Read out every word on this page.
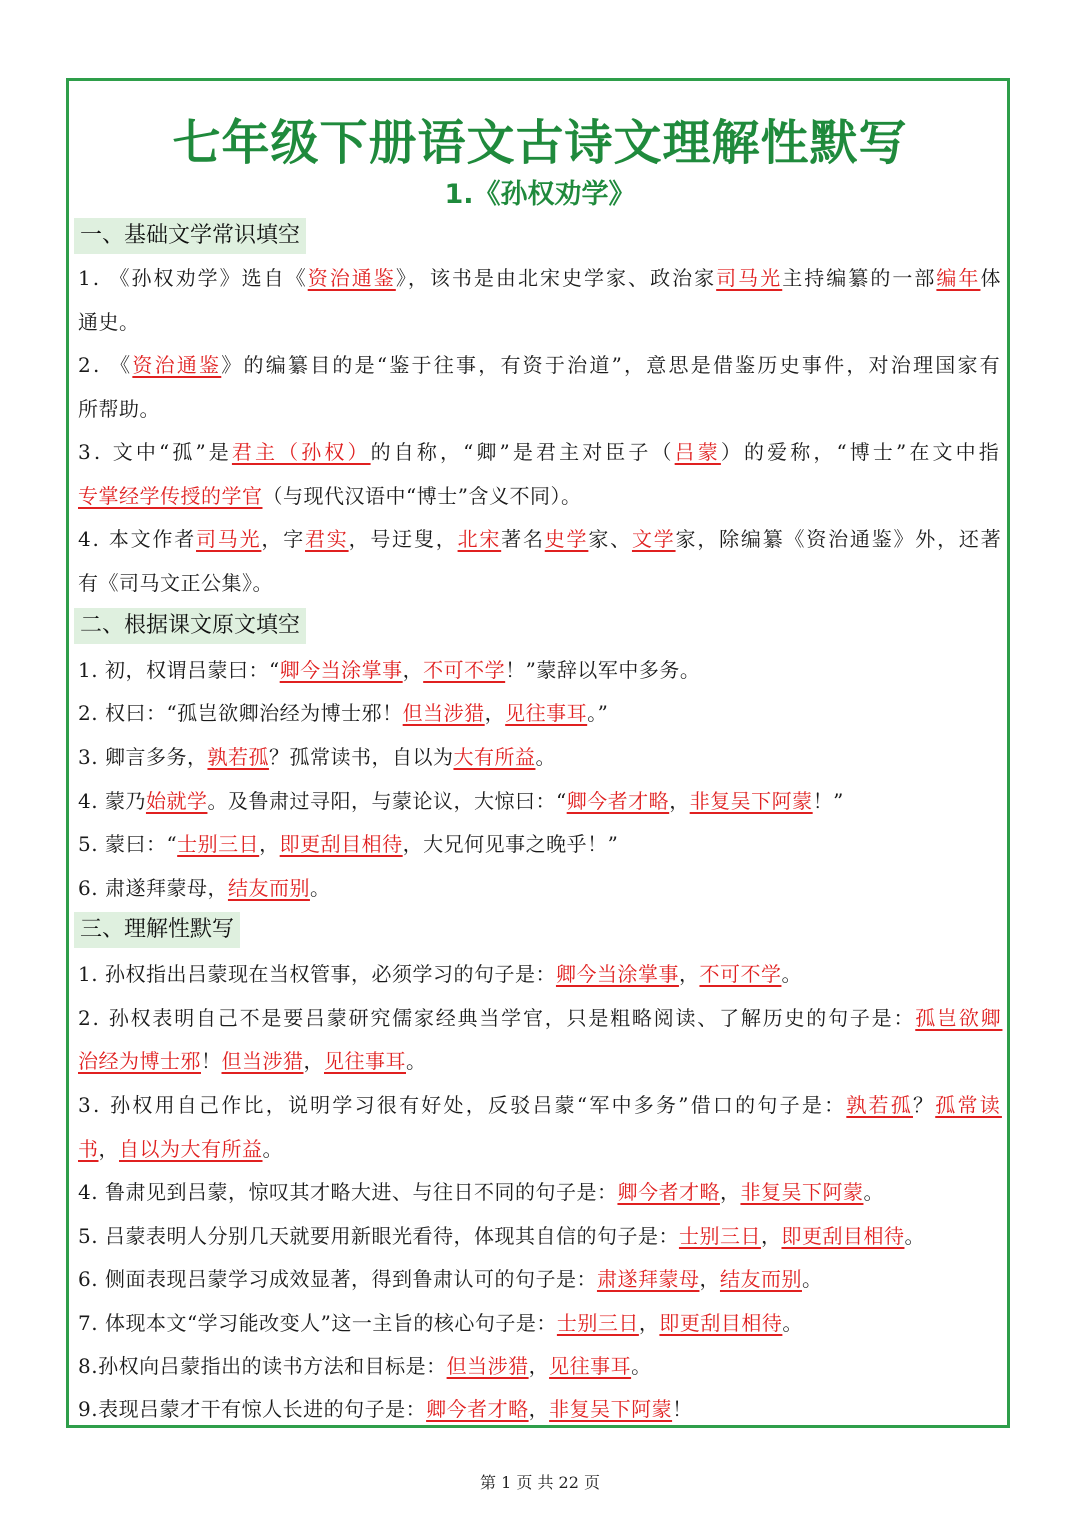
七年级下册语文古诗文理解性默写
1.《孙权劝学》
一、基础文学常识填空
二、根据课文原文填空
三、理解性默写
1. 《孙权劝学》选自《资治通鉴》，该书是由北宋史学家、政治家司马光主持编纂的一部编年体
通史。
2. 《资治通鉴》的编纂目的是“鉴于往事，有资于治道”，意思是借鉴历史事件，对治理国家有
所帮助。
3. 文中“孤”是君主（孙权）的自称，“卿”是君主对臣子（吕蒙）的爱称，“博士”在文中指
专掌经学传授的学官（与现代汉语中“博士”含义不同）。
4. 本文作者司马光，字君实，号迂叟，北宋著名史学家、文学家，除编纂《资治通鉴》外，还著
有《司马文正公集》。
1. 初，权谓吕蒙曰：“卿今当涂掌事，不可不学！”蒙辞以军中多务。
2. 权曰：“孤岂欲卿治经为博士邪！但当涉猎，见往事耳。”
3. 卿言多务，孰若孤？孤常读书，自以为大有所益。
4. 蒙乃始就学。及鲁肃过寻阳，与蒙论议，大惊曰：“卿今者才略，非复吴下阿蒙！”
5. 蒙曰：“士别三日，即更刮目相待，大兄何见事之晚乎！”
6. 肃遂拜蒙母，结友而别。
1. 孙权指出吕蒙现在当权管事，必须学习的句子是：卿今当涂掌事，不可不学。
2. 孙权表明自己不是要吕蒙研究儒家经典当学官，只是粗略阅读、了解历史的句子是：孤岂欲卿
治经为博士邪！但当涉猎，见往事耳。
3. 孙权用自己作比，说明学习很有好处，反驳吕蒙“军中多务”借口的句子是：孰若孤？孤常读
书，自以为大有所益。
4. 鲁肃见到吕蒙，惊叹其才略大进、与往日不同的句子是：卿今者才略，非复吴下阿蒙。
5. 吕蒙表明人分别几天就要用新眼光看待，体现其自信的句子是：士别三日，即更刮目相待。
6. 侧面表现吕蒙学习成效显著，得到鲁肃认可的句子是：肃遂拜蒙母，结友而别。
7. 体现本文“学习能改变人”这一主旨的核心句子是：士别三日，即更刮目相待。
8.孙权向吕蒙指出的读书方法和目标是：但当涉猎，见往事耳。
9.表现吕蒙才干有惊人长进的句子是：卿今者才略，非复吴下阿蒙！
第 1 页 共 22 页
